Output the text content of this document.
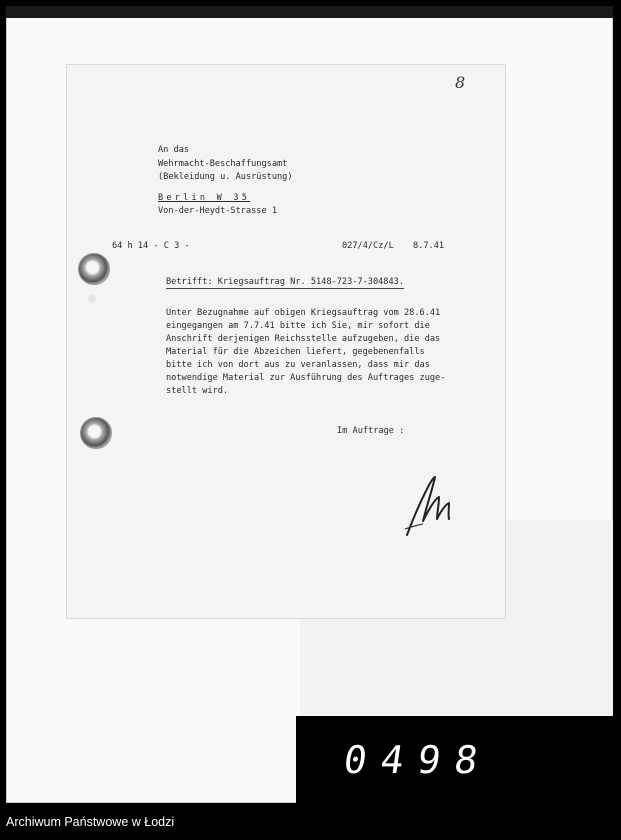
8
An das
Wehrmacht-Beschaffungsamt
(Bekleidung u. Ausrüstung)
Berlin W 35
Von-der-Heydt-Strasse 1
64 h 14 - C 3 -	027/4/Cz/L 8.7.41
Betrifft: Kriegsauftrag Nr. 5148-723-7-304843.
Unter Bezugnahme auf obigen Kriegsauftrag vom 28.6.41
eingegangen am 7.7.41 bitte ich Sie, mir sofort die
Anschrift derjenigen Reichsstelle aufzugeben, die das
Material für die Abzeichen liefert, gegebenenfalls
bitte ich von dort aus zu veranlassen, dass mir das
notwendige Material zur Ausführung des Auftrages zuge-
stellt wird.
Im Auftrage :
0498
Archiwum Państwowe w Łodzi
